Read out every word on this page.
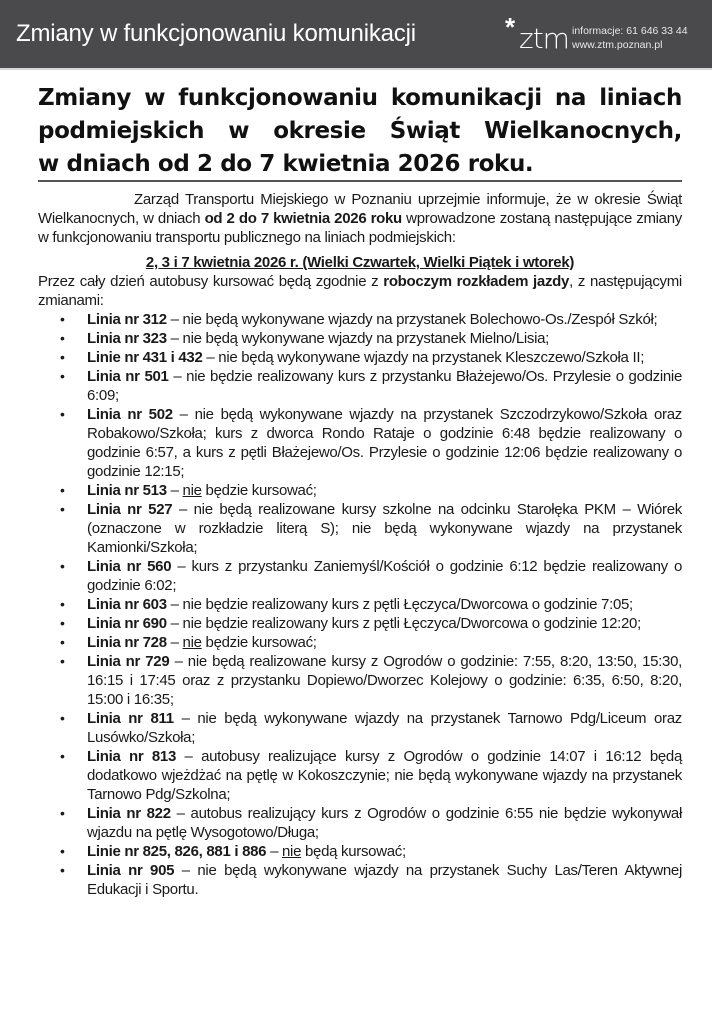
Zmiany w funkcjonowaniu komunikacji	* ztm informacje: 61 646 33 44
www.ztm.poznan.pl
Zmiany w funkcjonowaniu komunikacji na liniach
podmiejskich w okresie Świąt Wielkanocnych,
w dniach od 2 do 7 kwietnia 2026 roku.

Zarząd Transportu Miejskiego w Poznaniu uprzejmie informuje, że w okresie Świąt Wielkanocnych, w dniach od 2 do 7 kwietnia 2026 roku wprowadzone zostaną następujące zmiany w funkcjonowaniu transportu publicznego na liniach podmiejskich:

2, 3 i 7 kwietnia 2026 r. (Wielki Czwartek, Wielki Piątek i wtorek)

Przez cały dzień autobusy kursować będą zgodnie z roboczym rozkładem jazdy, z następującymi zmianami:

• Linia nr 312 – nie będą wykonywane wjazdy na przystanek Bolechowo-Os./Zespół Szkół;
• Linia nr 323 – nie będą wykonywane wjazdy na przystanek Mielno/Lisia;
• Linie nr 431 i 432 – nie będą wykonywane wjazdy na przystanek Kleszczewo/Szkoła II;
• Linia nr 501 – nie będzie realizowany kurs z przystanku Błażejewo/Os. Przylesie o godzinie 6:09;
• Linia nr 502 – nie będą wykonywane wjazdy na przystanek Szczodrzykowo/Szkoła oraz Robakowo/Szkoła; kurs z dworca Rondo Rataje o godzinie 6:48 będzie realizowany o godzinie 6:57, a kurs z pętli Błażejewo/Os. Przylesie o godzinie 12:06 będzie realizowany o godzinie 12:15;
• Linia nr 513 – nie będzie kursować;
• Linia nr 527 – nie będą realizowane kursy szkolne na odcinku Starołęka PKM – Wiórek (oznaczone w rozkładzie literą S); nie będą wykonywane wjazdy na przystanek Kamionki/Szkoła;
• Linia nr 560 – kurs z przystanku Zaniemyśl/Kościół o godzinie 6:12 będzie realizowany o godzinie 6:02;
• Linia nr 603 – nie będzie realizowany kurs z pętli Łęczyca/Dworcowa o godzinie 7:05;
• Linia nr 690 – nie będzie realizowany kurs z pętli Łęczyca/Dworcowa o godzinie 12:20;
• Linia nr 728 – nie będzie kursować;
• Linia nr 729 – nie będą realizowane kursy z Ogrodów o godzinie: 7:55, 8:20, 13:50, 15:30, 16:15 i 17:45 oraz z przystanku Dopiewo/Dworzec Kolejowy o godzinie: 6:35, 6:50, 8:20, 15:00 i 16:35;
• Linia nr 811 – nie będą wykonywane wjazdy na przystanek Tarnowo Pdg/Liceum oraz Lusówko/Szkoła;
• Linia nr 813 – autobusy realizujące kursy z Ogrodów o godzinie 14:07 i 16:12 będą dodatkowo wjeżdżać na pętlę w Kokoszczynie; nie będą wykonywane wjazdy na przystanek Tarnowo Pdg/Szkolna;
• Linia nr 822 – autobus realizujący kurs z Ogrodów o godzinie 6:55 nie będzie wykonywał wjazdu na pętlę Wysogotowo/Długa;
• Linie nr 825, 826, 881 i 886 – nie będą kursować;
• Linia nr 905 – nie będą wykonywane wjazdy na przystanek Suchy Las/Teren Aktywnej Edukacji i Sportu.
